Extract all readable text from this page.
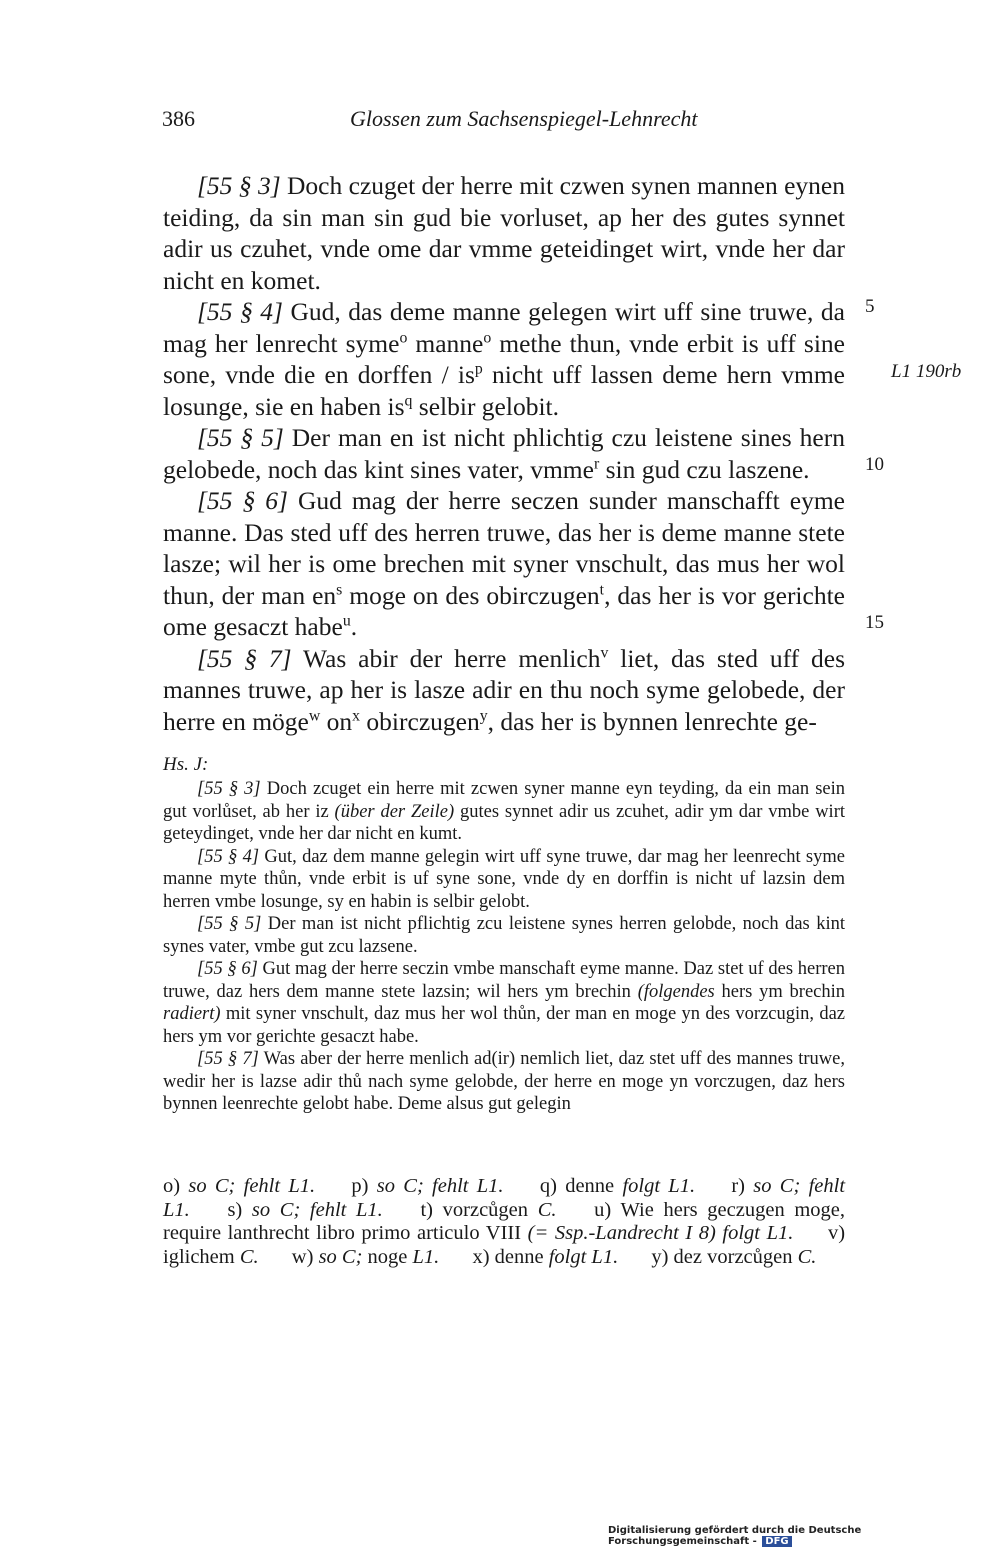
386	Glossen zum Sachsenspiegel-Lehnrecht

[55 § 3] Doch czuget der herre mit czwen synen mannen eynen teiding, da sin man sin gud bie vorluset, ap her des gutes synnet adir us czuhet, vnde ome dar vmme geteidinget wirt, vnde her dar nicht en komet.

[55 § 4] Gud, das deme manne gelegen wirt uff sine truwe, da mag her lenrecht syme$^o$ manne$^o$ methe thun, vnde erbit is uff sine sone, vnde die en dorffen / $is^p$ nicht uff lassen deme hern vmme losunge, sie en haben $is^q$ selbir gelobit.

[55 § 5] Der man en ist nicht phlichtig czu leistene sines hern gelobede, noch das kint sines vater, vmme$^r$ sin gud czu laszene.

[55 § 6] Gud mag der herre seczen sunder manschafft eyme manne. Das sted uff des herren truwe, das her is deme manne stete lasze; wil her is ome brechen mit syner vnschult, das mus her wol thun, der man $en^s$ moge on des obirczugen$^t$, das her is vor gerichte ome gesaczt habe$^u$.

[55 § 7] Was abir der herre menlich$^v$ liet, das sted uff des mannes truwe, ap her is lasze adir en thu noch syme gelobede, der herre en möge$^w$ $on^x$ obirczugen$^y$, das her is bynnen lenrechte ge-

5
10
15
L1 190rb
Hs. J:

[55 § 3] Doch zcuget ein herre mit zcwen syner manne eyn teyding, da ein man sein gut vorlůset, ab her iz (über der Zeile) gutes synnet adir us zcuhet, adir ym dar vmbe wirt geteydinget, vnde her dar nicht en kumt.

[55 § 4] Gut, daz dem manne gelegin wirt uff syne truwe, dar mag her leenrecht syme manne myte thůn, vnde erbit is uf syne sone, vnde dy en dorffin is nicht uf lazsin dem herren vmbe losunge, sy en habin is selbir gelobt.

[55 § 5] Der man ist nicht pflichtig zcu leistene synes herren gelobde, noch das kint synes vater, vmbe gut zcu lazsene.

[55 § 6] Gut mag der herre seczin vmbe manschaft eyme manne. Daz stet uf des herren truwe, daz hers dem manne stete lazsin; wil hers ym brechin (folgendes hers ym brechin radiert) mit syner vnschult, daz mus her wol thůn, der man en moge yn des vorzcugin, daz hers ym vor gerichte gesaczt habe.

[55 § 7] Was aber der herre menlich ad(ir) nemlich liet, daz stet uff des mannes truwe, wedir her is lazse adir thů nach syme gelobde, der herre en moge yn vorczugen, daz hers bynnen leenrechte gelobt habe. Deme alsus gut gelegin

o) so C; fehlt L1. p) so C; fehlt L1. q) denne folgt L1. r) so C; fehlt L1. s) so C; fehlt L1. t) vorzcůgen C. u) Wie hers geczugen moge, require lanthrecht libro primo articulo VIII (= Ssp.-Landrecht I 8) folgt L1. v) iglichem C. w) so C; noge L1. x) denne folgt L1. y) dez vorzcůgen C.

Digitalisierung gefördert durch die Deutsche Forschungsgemeinschaft - DFG
